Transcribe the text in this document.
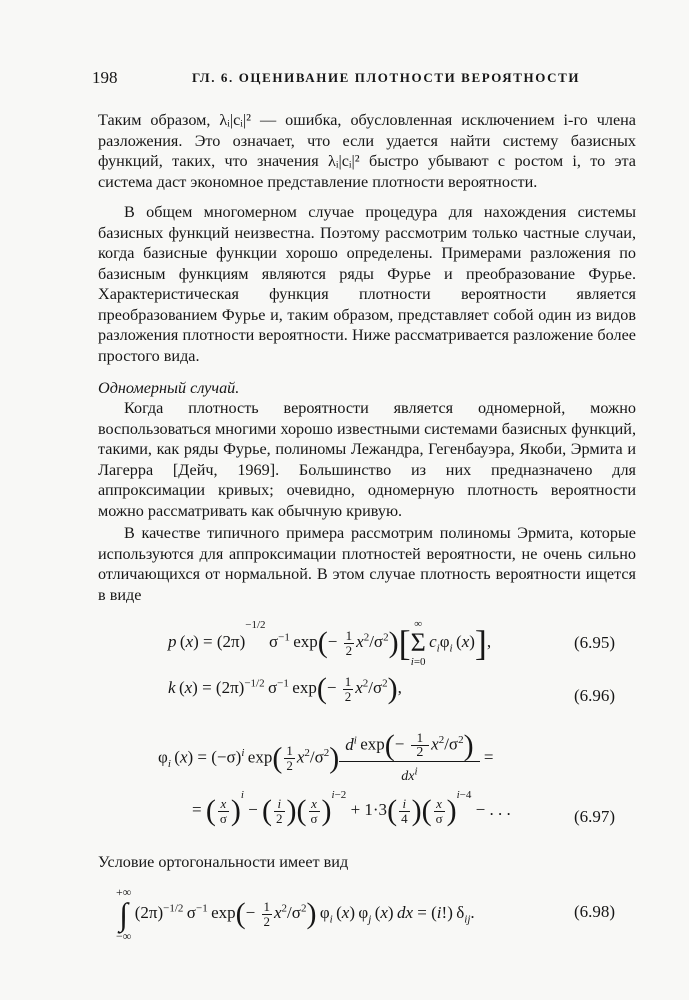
198	ГЛ. 6. ОЦЕНИВАНИЕ ПЛОТНОСТИ ВЕРОЯТНОСТИ
Таким образом, λᵢ|cᵢ|² — ошибка, обусловленная исключением i-го члена разложения. Это означает, что если удается найти систему базисных функций, таких, что значения λᵢ|cᵢ|² быстро убывают с ростом i, то эта система даст экономное представление плотности вероятности.
В общем многомерном случае процедура для нахождения системы базисных функций неизвестна. Поэтому рассмотрим только частные случаи, когда базисные функции хорошо определены. Примерами разложения по базисным функциям являются ряды Фурье и преобразование Фурье. Характеристическая функция плотности вероятности является преобразованием Фурье и, таким образом, представляет собой один из видов разложения плотности вероятности. Ниже рассматривается разложение более простого вида.
Одномерный случай.
Когда плотность вероятности является одномерной, можно воспользоваться многими хорошо известными системами базисных функций, такими, как ряды Фурье, полиномы Лежандра, Гегенбауэра, Якоби, Эрмита и Лагерра [Дейч, 1969]. Большинство из них предназначено для аппроксимации кривых; очевидно, одномерную плотность вероятности можно рассматривать как обычную кривую.
В качестве типичного примера рассмотрим полиномы Эрмита, которые используются для аппроксимации плотностей вероятности, не очень сильно отличающихся от нормальной. В этом случае плотность вероятности ищется в виде
p $(x) = (2\pi)^{-1/2}$ $\sigma^{-1}$ $\exp(- \frac{1}{2} x^2/\sigma^2)$[ ∞
Σ
i=0 $c_i\varphi_i$ (x)],	(6.95)
k $(x) = (2\pi)^{-1/2}$ $\sigma^{-1}$ $\exp(- \frac{1}{2} x^2/\sigma^2)$,	(6.96)
$\varphi_i$ $(x) = (-\sigma)^i$ $\exp( \frac{1}{2} x^2/\sigma^2) \frac{d^i \exp(- \frac{1}{2} x^2/\sigma^2)}{dx^i}$ =
= ( $\frac{x}{\sigma} )^i$ − ( $\frac{i}{2}$ )( $\frac{x}{\sigma} )^{i-2} + 1\cdot 3( \frac{i}{4}$ )( $\frac{x}{\sigma} )^{i-4}$ − . . .	(6.97)
Условие ортогональности имеет вид
+∞
∫
−∞ $(2\pi)^{-1/2}$ $\sigma^{-1}$ $\exp(- \frac{1}{2} x^2/\sigma^2)$ $\varphi_i$ (x) $\varphi_j$ (x) dx = (i!) $\delta_{ij}$.	(6.98)
